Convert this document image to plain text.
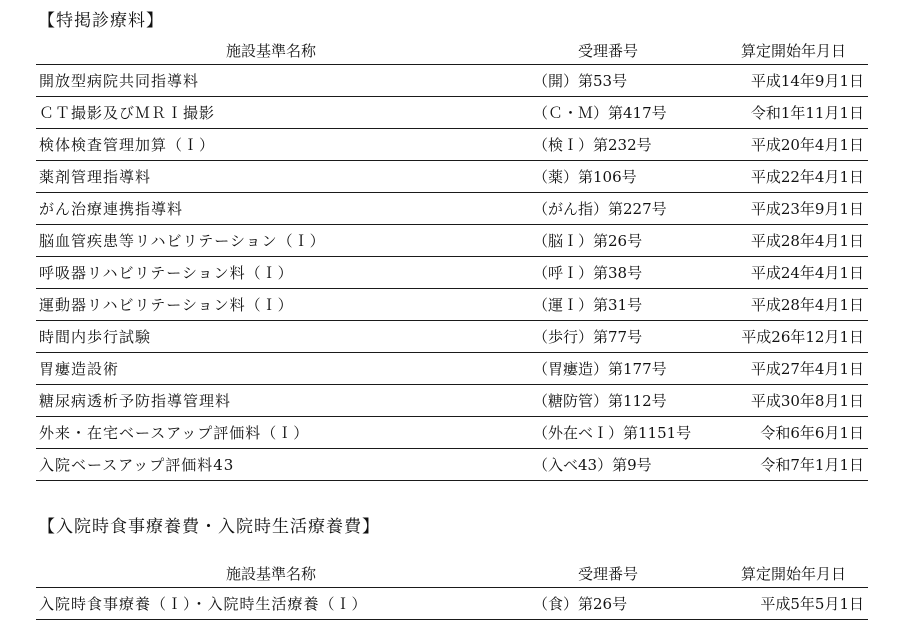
【特掲診療料】
施設基準名称	受理番号	算定開始年月日
開放型病院共同指導料	（開）第53号	平成14年9月1日
ＣＴ撮影及びＭＲＩ撮影	（Ｃ・Ｍ）第417号	令和1年11月1日
検体検査管理加算（Ｉ）	（検Ｉ）第232号	平成20年4月1日
薬剤管理指導料	（薬）第106号	平成22年4月1日
がん治療連携指導料	（がん指）第227号	平成23年9月1日
脳血管疾患等リハビリテーション（Ｉ）	（脳Ｉ）第26号	平成28年4月1日
呼吸器リハビリテーション料（Ｉ）	（呼Ｉ）第38号	平成24年4月1日
運動器リハビリテーション料（Ｉ）	（運Ｉ）第31号	平成28年4月1日
時間内歩行試験	（歩行）第77号	平成26年12月1日
胃瘻造設術	（胃瘻造）第177号	平成27年4月1日
糖尿病透析予防指導管理料	（糖防管）第112号	平成30年8月1日
外来・在宅ベースアップ評価料（Ｉ）	（外在ベＩ）第1151号	令和6年6月1日
入院ベースアップ評価料43	（入ベ43）第9号	令和7年1月1日
【入院時食事療養費・入院時生活療養費】
施設基準名称	受理番号	算定開始年月日
入院時食事療養（Ｉ）・入院時生活療養（Ｉ）	（食）第26号	平成5年5月1日
